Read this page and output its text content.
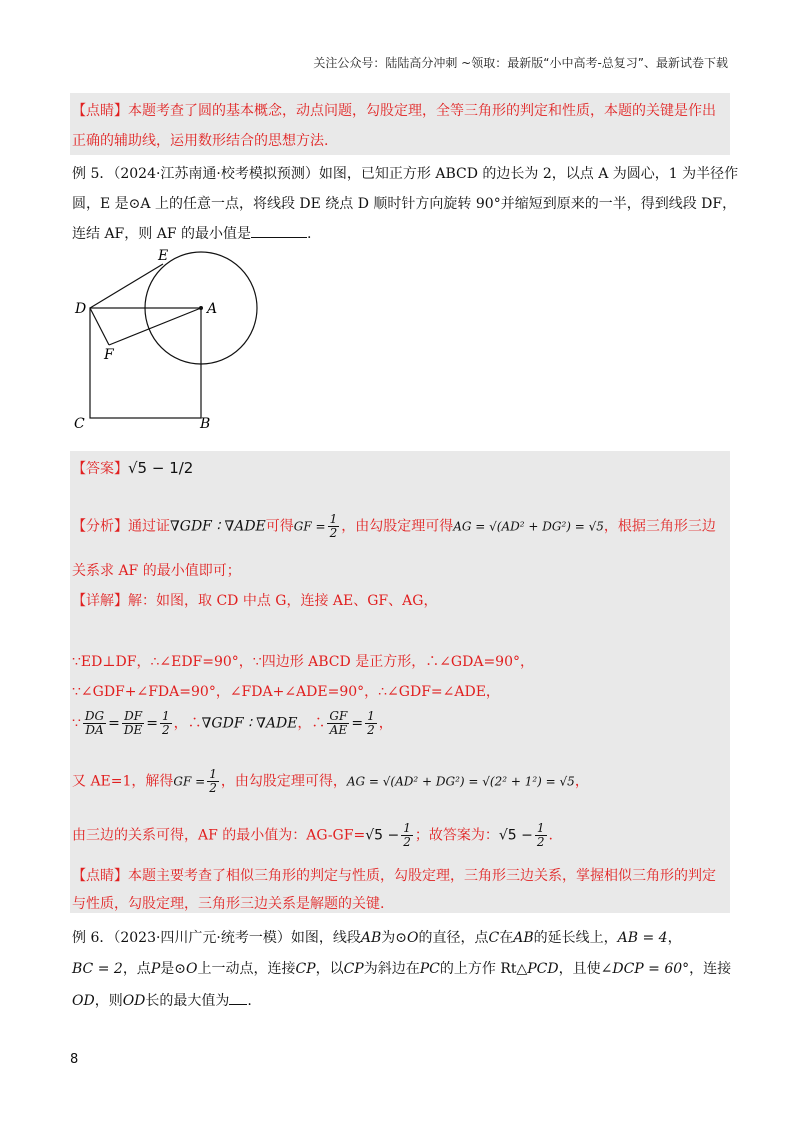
关注公众号：陆陆高分冲刺 ~领取：最新版“小中高考-总复习”、最新试卷下载
【点睛】本题考查了圆的基本概念，动点问题，勾股定理，全等三角形的判定和性质，本题的关键是作出
正确的辅助线，运用数形结合的思想方法.
例 5．（2024·江苏南通·校考模拟预测）如图，已知正方形 ABCD 的边长为 2，以点 A 为圆心，1 为半径作
圆，E 是⊙A 上的任意一点，将线段 DE 绕点 D 顺时针方向旋转 90°并缩短到原来的一半，得到线段 DF，
连结 AF，则 AF 的最小值是	.
D	A
E
F
C	B
【答案】√5 − 1/2
【分析】通过证∇GDF ∶ ∇ADE可得GF = $\frac{1}{2}$ ，由勾股定理可得AG = √(AD² + DG²) = √5，根据三角形三边
关系求 AF 的最小值即可；
【详解】解：如图，取 CD 中点 G，连接 AE、GF、AG，
∵ED⊥DF，∴∠EDF=90°，∵四边形 ABCD 是正方形，∴∠GDA=90°，
∵∠GDF+∠FDA=90°，∠FDA+∠ADE=90°，∴∠GDF=∠ADE，
∵ $\frac{DG}{DA} = \frac{DF}{DE} = \frac{1}{2}$ ，∴∇GDF ∶ ∇ADE，∴ $\frac{GF}{AE} = \frac{1}{2}$ ，
又 AE=1，解得GF = $\frac{1}{2}$ ，由勾股定理可得，AG = √(AD² + DG²) = √(2² + 1²) = √5，
由三边的关系可得，AF 的最小值为：$AG-GF=√5 - \frac{1}{2}$ ；故答案为：$√5 - \frac{1}{2}$ .
【点睛】本题主要考查了相似三角形的判定与性质，勾股定理，三角形三边关系，掌握相似三角形的判定
与性质，勾股定理，三角形三边关系是解题的关键.
例 6．（2023·四川广元·统考一模）如图，线段AB为⊙O的直径，点C在AB的延长线上，AB = 4，
BC = 2，点P是⊙O上一动点，连接CP，以CP为斜边在PC的上方作 Rt△PCD，且使∠DCP = 60°，连接
OD，则OD长的最大值为 .
8
